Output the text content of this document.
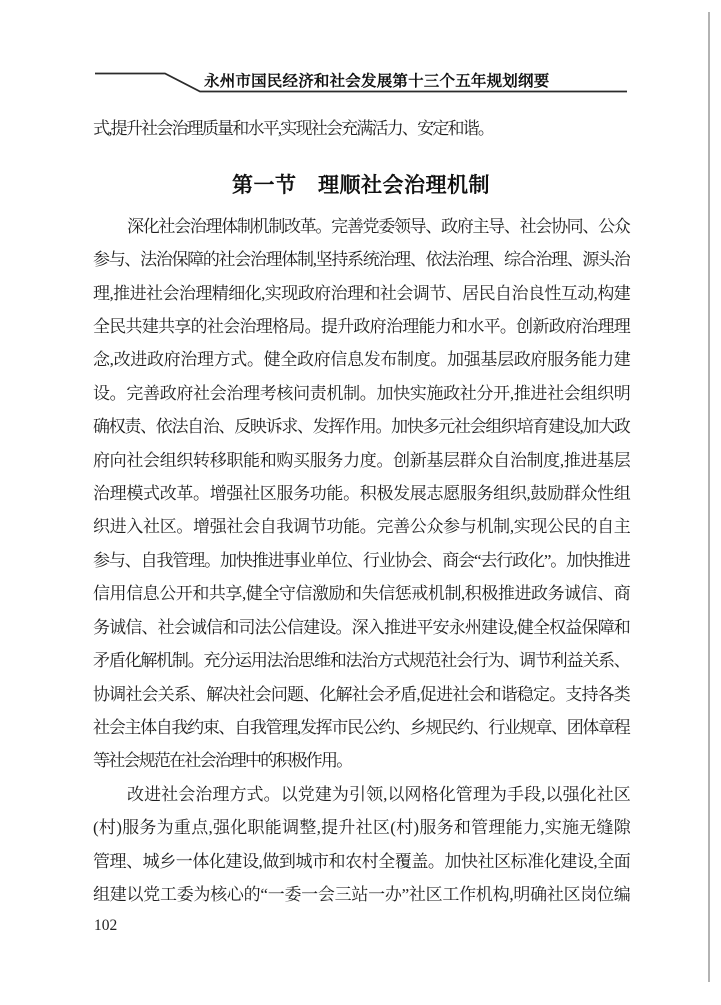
永州市国民经济和社会发展第十三个五年规划纲要
式,提升社会治理质量和水平,实现社会充满活力、安定和谐。
第一节　理顺社会治理机制
深化社会治理体制机制改革。完善党委领导、政府主导、社会协同、公众
参与、法治保障的社会治理体制,坚持系统治理、依法治理、综合治理、源头治
理,推进社会治理精细化,实现政府治理和社会调节、居民自治良性互动,构建
全民共建共享的社会治理格局。提升政府治理能力和水平。创新政府治理理
念,改进政府治理方式。健全政府信息发布制度。加强基层政府服务能力建
设。完善政府社会治理考核问责机制。加快实施政社分开,推进社会组织明
确权责、依法自治、反映诉求、发挥作用。加快多元社会组织培育建设,加大政
府向社会组织转移职能和购买服务力度。创新基层群众自治制度,推进基层
治理模式改革。增强社区服务功能。积极发展志愿服务组织,鼓励群众性组
织进入社区。增强社会自我调节功能。完善公众参与机制,实现公民的自主
参与、自我管理。加快推进事业单位、行业协会、商会“去行政化”。加快推进
信用信息公开和共享,健全守信激励和失信惩戒机制,积极推进政务诚信、商
务诚信、社会诚信和司法公信建设。深入推进平安永州建设,健全权益保障和
矛盾化解机制。充分运用法治思维和法治方式规范社会行为、调节利益关系、
协调社会关系、解决社会问题、化解社会矛盾,促进社会和谐稳定。支持各类
社会主体自我约束、自我管理,发挥市民公约、乡规民约、行业规章、团体章程
等社会规范在社会治理中的积极作用。
改进社会治理方式。以党建为引领,以网格化管理为手段,以强化社区
(村)服务为重点,强化职能调整,提升社区(村)服务和管理能力,实施无缝隙
管理、城乡一体化建设,做到城市和农村全覆盖。加快社区标准化建设,全面
组建以党工委为核心的“一委一会三站一办”社区工作机构,明确社区岗位编
102
